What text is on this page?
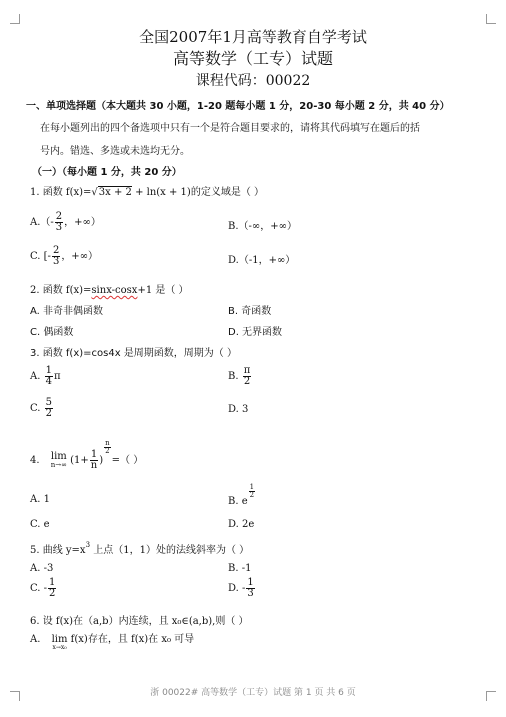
全国2007年1月高等教育自学考试
高等数学（工专）试题
课程代码：00022
一、单项选择题（本大题共 30 小题，1-20 题每小题 1 分，20-30 每小题 2 分，共 40 分）
在每小题列出的四个备选项中只有一个是符合题目要求的，请将其代码填写在题后的括
号内。错选、多选或未选均无分。
（一）（每小题 1 分，共 20 分）
1. 函数 f(x)=√3x + 2 + ln(x + 1)的定义域是（ ）
$A.(- \frac{2}{3}$ ，+∞）	B.（-∞，+∞）
C. [- $\frac{2}{3}$ ，+∞）	D.（-1，+∞）
2. 函数 f(x)=sinx-cosx+1 是（ ）
A. 非奇非偶函数	B. 奇函数
C. 偶函数	D. 无界函数
3. 函数 f(x)=cos4x 是周期函数，周期为（ ）
A. $\frac{1}{4}$ π	B. $\frac{\pi}{2}$
C. $\frac{5}{2}$	D. 3
4. lim
n→∞ ($1+ \frac{1}{n}$ )
$\frac{n}{2}$
=（ ）
A. 1	B. e
$\frac{1}{2}$
C. e	D. 2e
5. 曲线 $y=x^3$ 上点（1，1）处的法线斜率为（ ）
A. -3	B. -1
C. - $\frac{1}{2}$	D. - $\frac{1}{3}$
6. 设 f(x)在（a,b）内连续，且 x₀∈(a,b),则（ ）
A. lim
x→x₀
f(x)存在，且 f(x)在 x₀ 可导
浙 00022# 高等数学（工专）试题 第 1 页 共 6 页
